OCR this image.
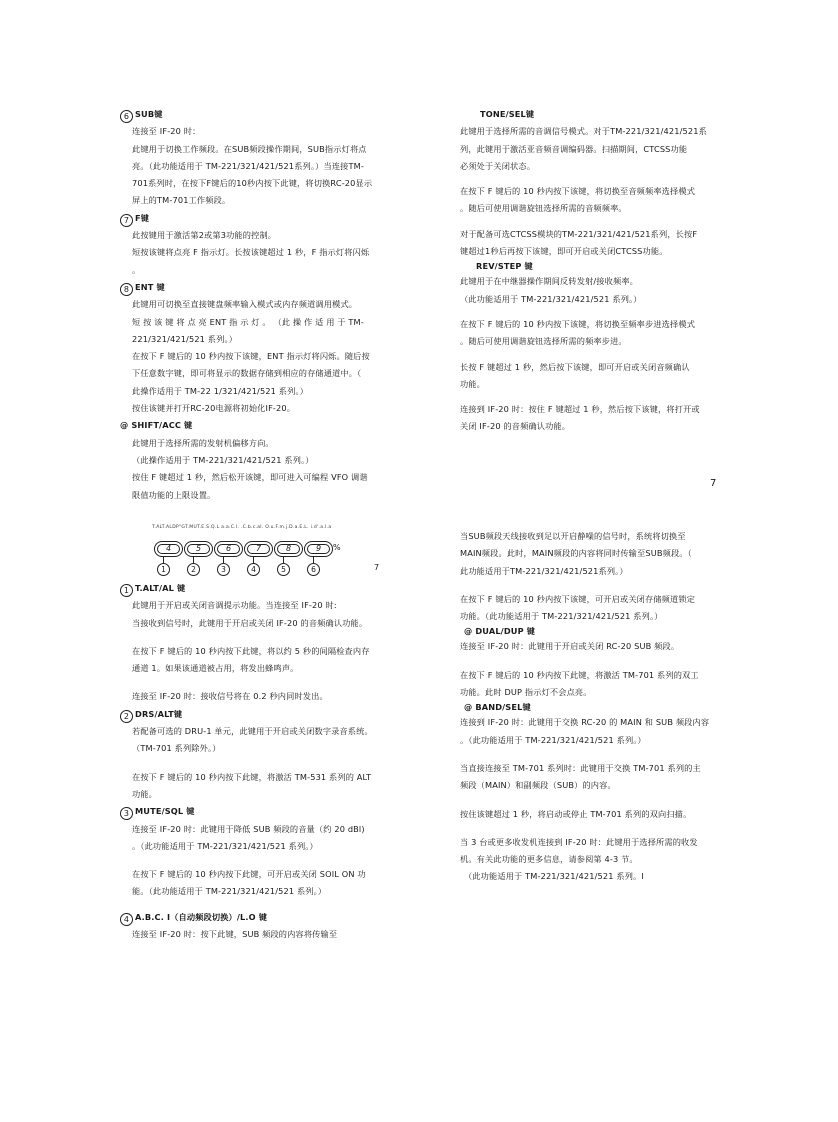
6 SUB键

连接至 IF-20 时：

此键用于切换工作频段。在SUB频段操作期间，SUB指示灯将点

亮。（此功能适用于 TM-221/321/421/521系列。）当连接TM-

701系列时，在按下F键后的10秒内按下此键，将切换RC-20显示

屏上的TM-701工作频段。

7 F键

此按键用于激活第2或第3功能的控制。

短按该键将点亮 F 指示灯。长按该键超过 1 秒，F 指示灯将闪烁

。

8 ENT 键

此键用可切换至直接键盘频率输入模式或内存频道调用模式。

短 按 该 键 将 点 亮 ENT 指 示 灯 。 （此 操 作 适 用 于 TM-

221/321/421/521 系列。）

在按下 F 键后的 10 秒内按下该键，ENT 指示灯将闪烁。随后按

下任意数字键，即可将显示的数据存储到相应的存储通道中。（

此操作适用于 TM-22 1/321/421/521 系列。）

按住该键并打开RC-20电源将初始化IF-20。

@ SHIFT/ACC 键

此键用于选择所需的发射机偏移方向。

（此操作适用于 TM-221/321/421/521 系列。）

按住 F 键超过 1 秒，然后松开该键，即可进入可编程 VFO 调谐

限值功能的上限设置。

TONE/SEL键

此键用于选择所需的音调信号模式。对于TM-221/321/421/521系

列，此键用于激活亚音频音调编码器。扫描期间，CTCSS功能

必须处于关闭状态。

在按下 F 键后的 10 秒内按下该键，将切换至音频频率选择模式

。随后可使用调谐旋钮选择所需的音频频率。

对于配备可选CTCSS模块的TM-221/321/421/521系列，长按F

键超过1秒后再按下该键，即可开启或关闭CTCSS功能。

REV/STEP 键

此键用于在中继器操作期间反转发射/接收频率。

（此功能适用于 TM-221/321/421/521 系列。）

在按下 F 键后的 10 秒内按下该键，将切换至频率步进选择模式

。随后可使用调谐旋钮选择所需的频率步进。

长按 F 键超过 1 秒，然后按下该键，即可开启或关闭音频确认

功能。

连接到 IF-20 时：按住 F 键超过 1 秒，然后按下该键，将打开或

关闭 IF-20 的音频确认功能。

7
T.ALT.ALDP"GT.MUT.E.S.Q.L a.a.C.l. .C.b.c.al. O.u.F.m.j.D.a.E.L. i.d'.a.l.a
4	5	6	7	8	9	%
1	2	3	4	5	6	7

1 T.ALT/AL 键

此键用于开启或关闭音调提示功能。当连接至 IF-20 时:

当接收到信号时，此键用于开启或关闭 IF-20 的音频确认功能。

在按下 F 键后的 10 秒内按下此键，将以约 5 秒的间隔检查内存

通道 1。如果该通道被占用，将发出蜂鸣声。

连接至 IF-20 时：接收信号将在 0.2 秒内同时发出。

2 DRS/ALT键

若配备可选的 DRU-1 单元，此键用于开启或关闭数字录音系统。

（TM-701 系列除外。）

在按下 F 键后的 10 秒内按下此键，将激活 TM-531 系列的 ALT

功能。

3 MUTE/SQL 键

连接至 IF-20 时：此键用于降低 SUB 频段的音量（约 20 dBl)

。（此功能适用于 TM-221/321/421/521 系列。）

在按下 F 键后的 10 秒内按下此键，可开启或关闭 SOIL ON 功

能。（此功能适用于 TM-221/321/421/521 系列。）

4 A.B.C. I（自动频段切换）/L.O 键

连接至 IF-20 时：按下此键，SUB 频段的内容将传输至

当SUB频段天线接收到足以开启静噪的信号时，系统将切换至

MAIN频段。此时，MAIN频段的内容将同时传输至SUB频段。（

此功能适用于TM-221/321/421/521系列。）

在按下 F 键后的 10 秒内按下该键，可开启或关闭存储频道锁定

功能。（此功能适用于 TM-221/321/421/521 系列。）

@ DUAL/DUP 键

连接至 IF-20 时：此键用于开启或关闭 RC-20 SUB 频段。

在按下 F 键后的 10 秒内按下此键，将激活 TM-701 系列的双工

功能。此时 DUP 指示灯不会点亮。

@ BAND/SEL键

连接到 IF-20 时：此键用于交换 RC-20 的 MAIN 和 SUB 频段内容

。（此功能适用于 TM-221/321/421/521 系列。）

当直接连接至 TM-701 系列时：此键用于交换 TM-701 系列的主

频段（MAIN）和副频段（SUB）的内容。

按住该键超过 1 秒，将启动或停止 TM-701 系列的双向扫描。

当 3 台或更多收发机连接到 IF-20 时：此键用于选择所需的收发

机。有关此功能的更多信息，请参阅第 4-3 节。

（此功能适用于 TM-221/321/421/521 系列。I
